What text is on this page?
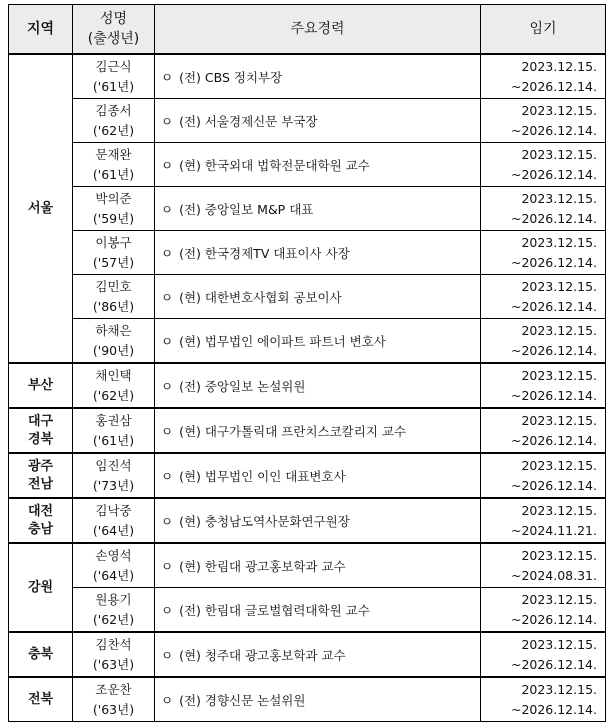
지역	성명
(출생년)	주요경력	임기

서울	김근식
('61년)	ㅇ (전) CBS 정치부장	2023.12.15.
~2026.12.14.

	김종서
('62년)	ㅇ (전) 서울경제신문 부국장	2023.12.15.
~2026.12.14.

	문재완
('61년)	ㅇ (현) 한국외대 법학전문대학원 교수	2023.12.15.
~2026.12.14.

	박의준
('59년)	ㅇ (전) 중앙일보 M&P 대표	2023.12.15.
~2026.12.14.

	이봉구
('57년)	ㅇ (전) 한국경제TV 대표이사 사장	2023.12.15.
~2026.12.14.

	김민호
('86년)	ㅇ (현) 대한변호사협회 공보이사	2023.12.15.
~2026.12.14.

	하채은
('90년)	ㅇ (현) 법무법인 에이파트 파트너 변호사	2023.12.15.
~2026.12.14.

부산	채인택
('62년)	ㅇ (전) 중앙일보 논설위원	2023.12.15.
~2026.12.14.

대구
경북	홍권삼
('61년)	ㅇ (현) 대구가톨릭대 프란치스코칼리지 교수	2023.12.15.
~2026.12.14.

광주
전남	임진석
('73년)	ㅇ (현) 법무법인 이인 대표변호사	2023.12.15.
~2026.12.14.

대전
충남	김낙중
('64년)	ㅇ (현) 충청남도역사문화연구원장	2023.12.15.
~2024.11.21.

강원	손영석
('64년)	ㅇ (현) 한림대 광고홍보학과 교수	2023.12.15.
~2024.08.31.

	원용기
('62년)	ㅇ (전) 한림대 글로벌협력대학원 교수	2023.12.15.
~2026.12.14.

충북	김찬석
('63년)	ㅇ (현) 청주대 광고홍보학과 교수	2023.12.15.
~2026.12.14.

전북	조운찬
('63년)	ㅇ (전) 경향신문 논설위원	2023.12.15.
~2026.12.14.
